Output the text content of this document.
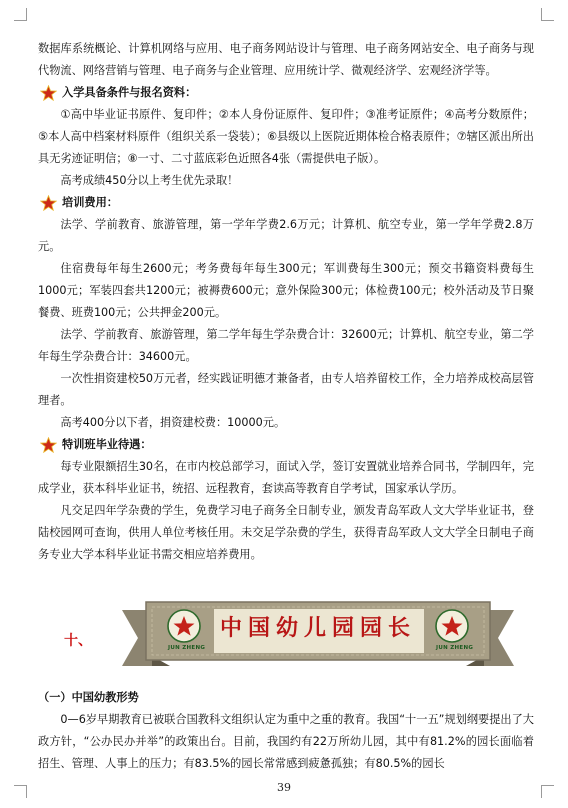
数据库系统概论、计算机网络与应用、电子商务网站设计与管理、电子商务网站安全、电子商务与现代物流、网络营销与管理、电子商务与企业管理、应用统计学、微观经济学、宏观经济学等。

入学具备条件与报名资料：

①高中毕业证书原件、复印件；②本人身份证原件、复印件；③准考证原件；④高考分数原件；⑤本人高中档案材料原件（组织关系一袋装）；⑥县级以上医院近期体检合格表原件；⑦辖区派出所出具无劣迹证明信；⑧一寸、二寸蓝底彩色近照各4张（需提供电子版）。

高考成绩450分以上考生优先录取！

培训费用：

法学、学前教育、旅游管理，第一学年学费2.6万元；计算机、航空专业，第一学年学费2.8万元。

住宿费每年每生2600元；考务费每年每生300元；军训费每生300元；预交书籍资料费每生1000元；军装四套共1200元；被褥费600元；意外保险300元；体检费100元；校外活动及节日聚餐费、班费100元；公共押金200元。

法学、学前教育、旅游管理，第二学年每生学杂费合计：32600元；计算机、航空专业，第二学年每生学杂费合计：34600元。

一次性捐资建校50万元者，经实践证明德才兼备者，由专人培养留校工作，全力培养成校高层管理者。

高考400分以下者，捐资建校费：10000元。

特训班毕业待遇：

每专业限额招生30名，在市内校总部学习，面试入学，签订安置就业培养合同书，学制四年，完成学业，获本科毕业证书，统招、远程教育，套读高等教育自学考试，国家承认学历。

凡交足四年学杂费的学生，免费学习电子商务全日制专业，颁发青岛军政人文大学毕业证书，登陆校园网可查询，供用人单位考核任用。未交足学杂费的学生，获得青岛军政人文大学全日制电子商务专业大学本科毕业证书需交相应培养费用。

十、	JUN ZHENG	JUN ZHENG
中国幼儿园园长

（一）中国幼教形势

0—6岁早期教育已被联合国教科文组织认定为重中之重的教育。我国“十一五”规划纲要提出了大政方针，“公办民办并举”的政策出台。目前，我国约有22万所幼儿园，其中有81.2%的园长面临着招生、管理、人事上的压力；有83.5%的园长常常感到疲惫孤独；有80.5%的园长

39
